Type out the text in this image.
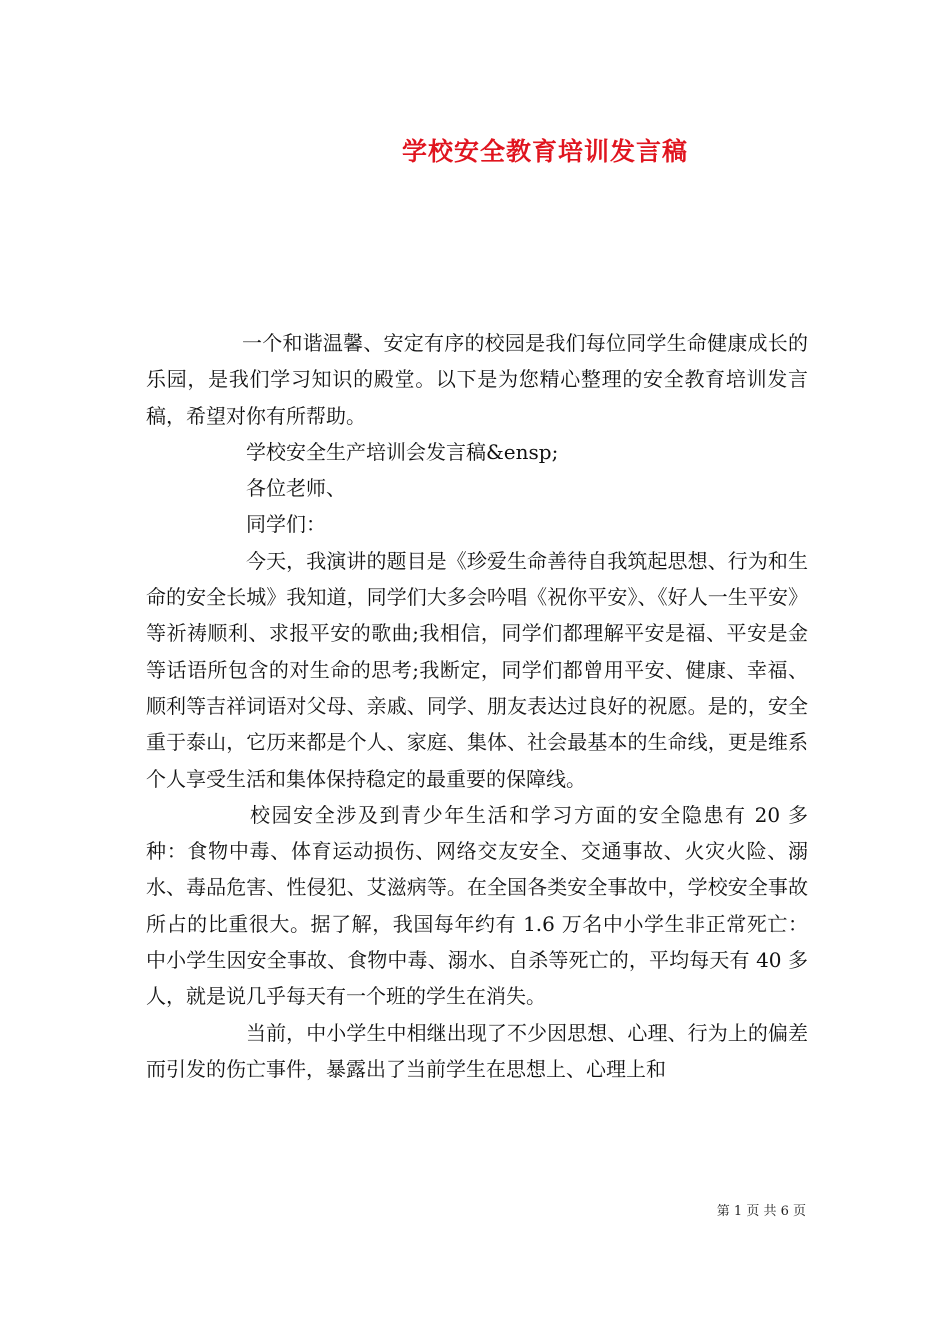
学校安全教育培训发言稿

一个和谐温馨、安定有序的校园是我们每位同学生命健康成长的乐园，是我们学习知识的殿堂。以下是为您精心整理的安全教育培训发言稿，希望对你有所帮助。

学校安全生产培训会发言稿&ensp;

各位老师、

同学们：

今天，我演讲的题目是《珍爱生命善待自我筑起思想、行为和生命的安全长城》我知道，同学们大多会吟唱《祝你平安》、《好人一生平安》等祈祷顺利、求报平安的歌曲;我相信，同学们都理解平安是福、平安是金等话语所包含的对生命的思考;我断定，同学们都曾用平安、健康、幸福、顺利等吉祥词语对父母、亲戚、同学、朋友表达过良好的祝愿。是的，安全重于泰山，它历来都是个人、家庭、集体、社会最基本的生命线，更是维系个人享受生活和集体保持稳定的最重要的保障线。

校园安全涉及到青少年生活和学习方面的安全隐患有 20 多种：食物中毒、体育运动损伤、网络交友安全、交通事故、火灾火险、溺水、毒品危害、性侵犯、艾滋病等。在全国各类安全事故中，学校安全事故所占的比重很大。据了解，我国每年约有 1.6 万名中小学生非正常死亡：中小学生因安全事故、食物中毒、溺水、自杀等死亡的，平均每天有 40 多人，就是说几乎每天有一个班的学生在消失。

当前，中小学生中相继出现了不少因思想、心理、行为上的偏差而引发的伤亡事件，暴露出了当前学生在思想上、心理上和

第 1 页 共 6 页
